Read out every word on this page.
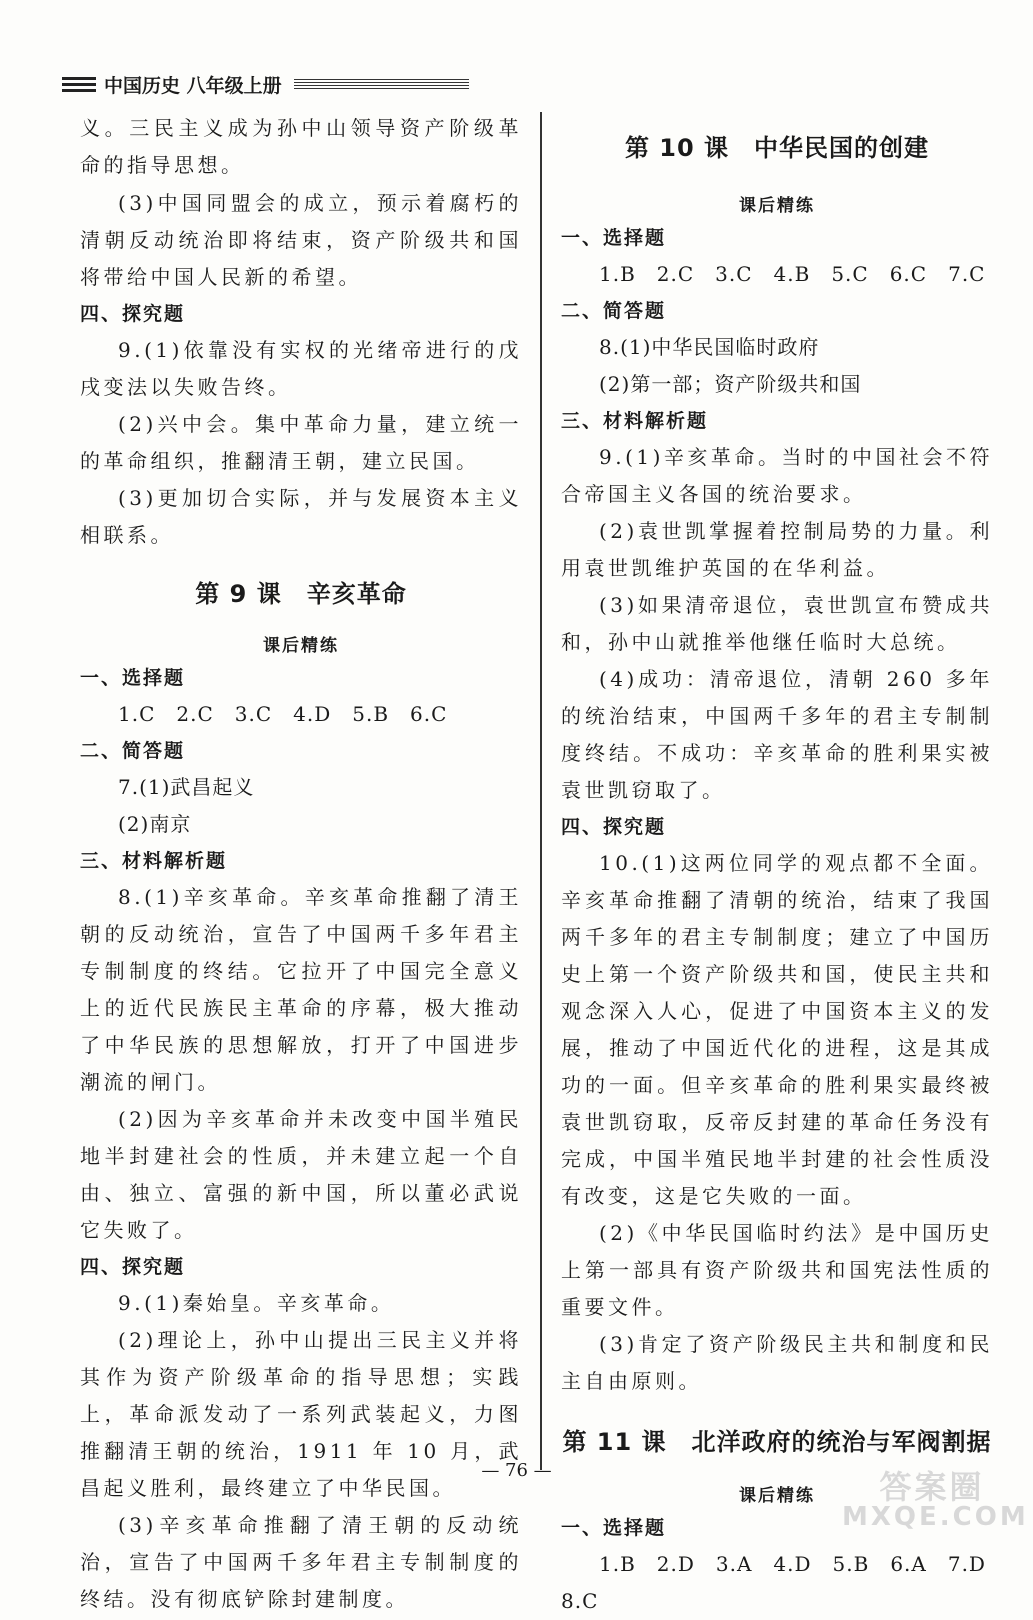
中国历史 八年级上册

义。三民主义成为孙中山领导资产阶级革命的指导思想。

(3)中国同盟会的成立，预示着腐朽的清朝反动统治即将结束，资产阶级共和国将带给中国人民新的希望。

四、探究题

9.(1)依靠没有实权的光绪帝进行的戊戌变法以失败告终。

(2)兴中会。集中革命力量，建立统一的革命组织，推翻清王朝，建立民国。

(3)更加切合实际，并与发展资本主义相联系。

第 9 课　辛亥革命

课后精练

一、选择题

1.C　2.C　3.C　4.D　5.B　6.C

二、简答题

7.(1)武昌起义

(2)南京

三、材料解析题

8.(1)辛亥革命。辛亥革命推翻了清王朝的反动统治，宣告了中国两千多年君主专制制度的终结。它拉开了中国完全意义上的近代民族民主革命的序幕，极大推动了中华民族的思想解放，打开了中国进步潮流的闸门。

(2)因为辛亥革命并未改变中国半殖民地半封建社会的性质，并未建立起一个自由、独立、富强的新中国，所以董必武说它失败了。

四、探究题

9.(1)秦始皇。辛亥革命。

(2)理论上，孙中山提出三民主义并将其作为资产阶级革命的指导思想；实践上，革命派发动了一系列武装起义，力图推翻清王朝的统治，1911 年 10 月，武昌起义胜利，最终建立了中华民国。

(3)辛亥革命推翻了清王朝的反动统治，宣告了中国两千多年君主专制制度的终结。没有彻底铲除封建制度。

第 10 课　中华民国的创建

课后精练

一、选择题

1.B　2.C　3.C　4.B　5.C　6.C　7.C

二、简答题

8.(1)中华民国临时政府

(2)第一部；资产阶级共和国

三、材料解析题

9.(1)辛亥革命。当时的中国社会不符合帝国主义各国的统治要求。

(2)袁世凯掌握着控制局势的力量。利用袁世凯维护英国的在华利益。

(3)如果清帝退位，袁世凯宣布赞成共和，孙中山就推举他继任临时大总统。

(4)成功：清帝退位，清朝 260 多年的统治结束，中国两千多年的君主专制制度终结。不成功：辛亥革命的胜利果实被袁世凯窃取了。

四、探究题

10.(1)这两位同学的观点都不全面。辛亥革命推翻了清朝的统治，结束了我国两千多年的君主专制制度；建立了中国历史上第一个资产阶级共和国，使民主共和观念深入人心，促进了中国资本主义的发展，推动了中国近代化的进程，这是其成功的一面。但辛亥革命的胜利果实最终被袁世凯窃取，反帝反封建的革命任务没有完成，中国半殖民地半封建的社会性质没有改变，这是它失败的一面。

(2)《中华民国临时约法》是中国历史上第一部具有资产阶级共和国宪法性质的重要文件。

(3)肯定了资产阶级民主共和制度和民主自由原则。

第 11 课　北洋政府的统治与军阀割据

课后精练

一、选择题

1.B　2.D　3.A　4.D　5.B　6.A　7.D

8.C

— 76 —	答案圈
MXQE.COM
